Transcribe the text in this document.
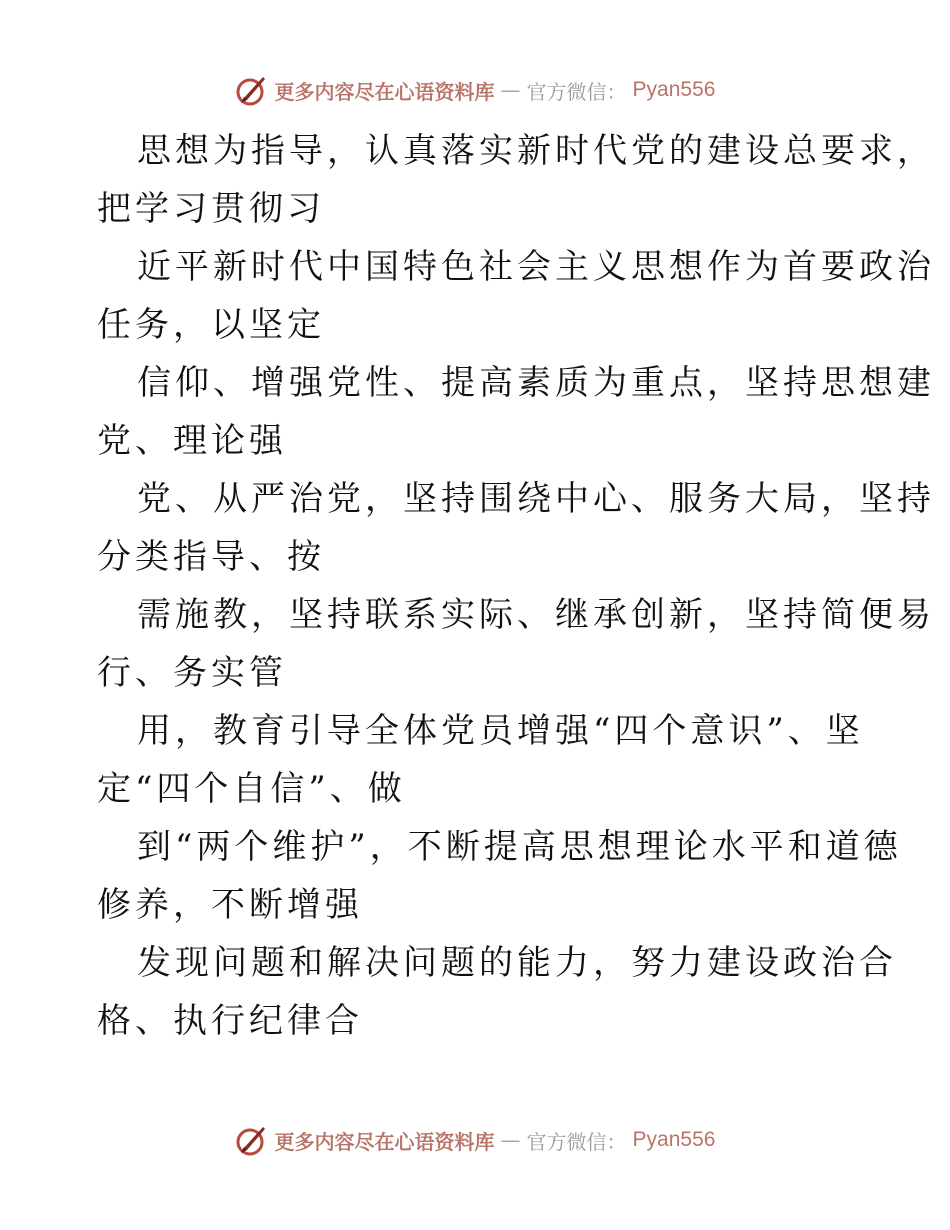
更多内容尽在心语资料库 — 官方微信： Pyan556

思想为指导，认真落实新时代党的建设总要求，
把学习贯彻习

近平新时代中国特色社会主义思想作为首要政治
任务，以坚定

信仰、增强党性、提高素质为重点，坚持思想建
党、理论强

党、从严治党，坚持围绕中心、服务大局，坚持
分类指导、按

需施教，坚持联系实际、继承创新，坚持简便易
行、务实管

用，教育引导全体党员增强“四个意识”、坚
定“四个自信”、做

到“两个维护”，不断提高思想理论水平和道德
修养，不断增强

发现问题和解决问题的能力，努力建设政治合
格、执行纪律合

更多内容尽在心语资料库 — 官方微信： Pyan556
